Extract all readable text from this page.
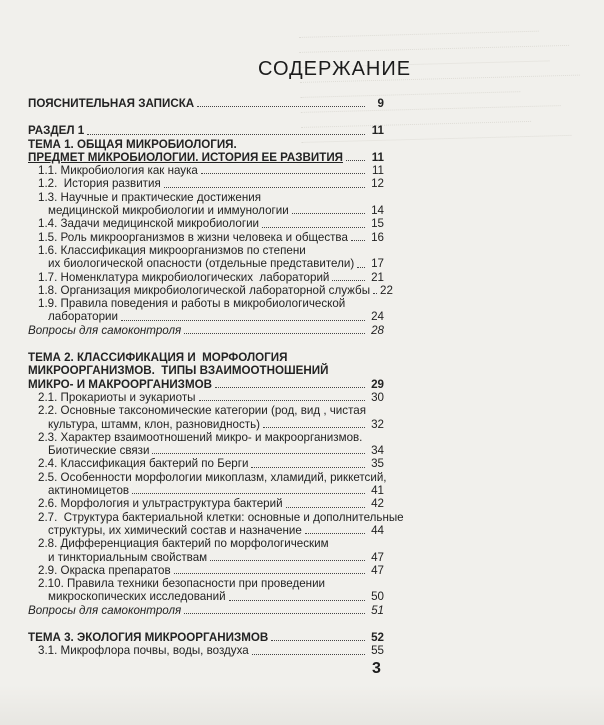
СОДЕРЖАНИЕ
ПОЯСНИТЕЛЬНАЯ ЗАПИСКА	9
РАЗДЕЛ 1	11
ТЕМА 1. ОБЩАЯ МИКРОБИОЛОГИЯ.
ПРЕДМЕТ МИКРОБИОЛОГИИ. ИСТОРИЯ ЕЕ РАЗВИТИЯ	11
1.1. Микробиология как наука	11
1.2.  История развития	12
1.3. Научные и практические достижения
медицинской микробиологии и иммунологии	14
1.4. Задачи медицинской микробиологии	15
1.5. Роль микроорганизмов в жизни человека и общества 16
1.6. Классификация микроорганизмов по степени
их биологической опасности (отдельные представители) 17
1.7. Номенклатура микробиологических  лабораторий	21
1.8. Организация микробиологической лабораторной службы 22
1.9. Правила поведения и работы в микробиологической
лаборатории	24
Вопросы для самоконтроля	28
ТЕМА 2. КЛАССИФИКАЦИЯ И  МОРФОЛОГИЯ
МИКРООРГАНИЗМОВ.  ТИПЫ ВЗАИМООТНОШЕНИЙ
МИКРО- И МАКРООРГАНИЗМОВ	29
2.1. Прокариоты и эукариоты	30
2.2. Основные таксономические категории (род, вид , чистая
культура, штамм, клон, разновидность)	32
2.3. Характер взаимоотношений микро- и макроорганизмов.
Биотические связи	34
2.4. Классификация бактерий по Берги	35
2.5. Особенности морфологии микоплазм, хламидий, риккетсий,
актиномицетов	41
2.6. Морфология и ультраструктура бактерий	42
2.7.  Структура бактериальной клетки: основные и дополнительные
структуры, их химический состав и назначение	44
2.8. Дифференциация бактерий по морфологическим
и тинкториальным свойствам	47
2.9. Окраска препаратов	47
2.10. Правила техники безопасности при проведении
микроскопических исследований	50
Вопросы для самоконтроля	51
ТЕМА 3. ЭКОЛОГИЯ МИКРООРГАНИЗМОВ	52
3.1. Микрофлора почвы, воды, воздуха	55
3
